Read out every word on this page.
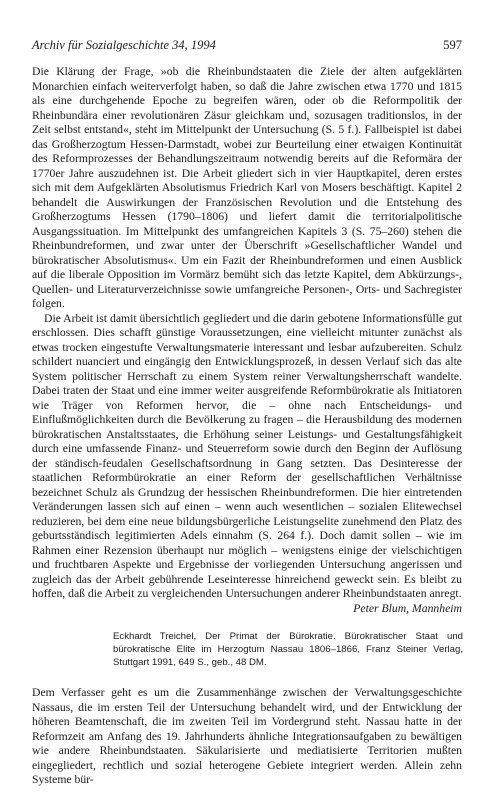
Archiv für Sozialgeschichte 34, 1994	597

Die Klärung der Frage, »ob die Rheinbundstaaten die Ziele der alten aufgeklärten Monarchien einfach weiterverfolgt haben, so daß die Jahre zwischen etwa 1770 und 1815 als eine durchgehende Epoche zu begreifen wären, oder ob die Reformpolitik der Rheinbundära einer revolutionären Zäsur gleichkam und, sozusagen traditionslos, in der Zeit selbst entstand«, steht im Mittelpunkt der Untersuchung (S. 5 f.). Fallbeispiel ist dabei das Großherzogtum Hessen-Darmstadt, wobei zur Beurteilung einer etwaigen Kontinuität des Reformprozesses der Behandlungszeitraum notwendig bereits auf die Reformära der 1770er Jahre auszudehnen ist. Die Arbeit gliedert sich in vier Hauptkapitel, deren erstes sich mit dem Aufgeklärten Absolutismus Friedrich Karl von Mosers beschäftigt. Kapitel 2 behandelt die Auswirkungen der Französischen Revolution und die Entstehung des Großherzogtums Hessen (1790–1806) und liefert damit die territorialpolitische Ausgangssituation. Im Mittelpunkt des umfangreichen Kapitels 3 (S. 75–260) stehen die Rheinbundreformen, und zwar unter der Überschrift »Gesellschaftlicher Wandel und bürokratischer Absolutismus«. Um ein Fazit der Rheinbundreformen und einen Ausblick auf die liberale Opposition im Vormärz bemüht sich das letzte Kapitel, dem Abkürzungs-, Quellen- und Literaturverzeichnisse sowie umfangreiche Personen-, Orts- und Sachregister folgen.

Die Arbeit ist damit übersichtlich gegliedert und die darin gebotene Informationsfülle gut erschlossen. Dies schafft günstige Voraussetzungen, eine vielleicht mitunter zunächst als etwas trocken eingestufte Verwaltungsmaterie interessant und lesbar aufzubereiten. Schulz schildert nuanciert und eingängig den Entwicklungsprozeß, in dessen Verlauf sich das alte System politischer Herrschaft zu einem System reiner Verwaltungsherrschaft wandelte. Dabei traten der Staat und eine immer weiter ausgreifende Reformbürokratie als Initiatoren wie Träger von Reformen hervor, die – ohne nach Entscheidungs- und Einflußmöglichkeiten durch die Bevölkerung zu fragen – die Herausbildung des modernen bürokratischen Anstaltsstaates, die Erhöhung seiner Leistungs- und Gestaltungsfähigkeit durch eine umfassende Finanz- und Steuerreform sowie durch den Beginn der Auflösung der ständisch-feudalen Gesellschaftsordnung in Gang setzten. Das Desinteresse der staatlichen Reformbürokratie an einer Reform der gesellschaftlichen Verhältnisse bezeichnet Schulz als Grundzug der hessischen Rheinbundreformen. Die hier eintretenden Veränderungen lassen sich auf einen – wenn auch wesentlichen – sozialen Elitewechsel reduzieren, bei dem eine neue bildungsbürgerliche Leistungselite zunehmend den Platz des geburtsständisch legitimierten Adels einnahm (S. 264 f.). Doch damit sollen – wie im Rahmen einer Rezension überhaupt nur möglich – wenigstens einige der vielschichtigen und fruchtbaren Aspekte und Ergebnisse der vorliegenden Untersuchung angerissen und zugleich das der Arbeit gebührende Leseinteresse hinreichend geweckt sein. Es bleibt zu hoffen, daß die Arbeit zu vergleichenden Untersuchungen anderer Rheinbundstaaten anregt.

Peter Blum, Mannheim

Eckhardt Treichel, Der Primat der Bürokratie. Bürokratischer Staat und bürokratische Elite im Herzogtum Nassau 1806–1866, Franz Steiner Verlag, Stuttgart 1991, 649 S., geb., 48 DM.

Dem Verfasser geht es um die Zusammenhänge zwischen der Verwaltungsgeschichte Nassaus, die im ersten Teil der Untersuchung behandelt wird, und der Entwicklung der höheren Beamtenschaft, die im zweiten Teil im Vordergrund steht. Nassau hatte in der Reformzeit am Anfang des 19. Jahrhunderts ähnliche Integrationsaufgaben zu bewältigen wie andere Rheinbundstaaten. Säkularisierte und mediatisierte Territorien mußten eingegliedert, rechtlich und sozial heterogene Gebiete integriert werden. Allein zehn Systeme bür-
